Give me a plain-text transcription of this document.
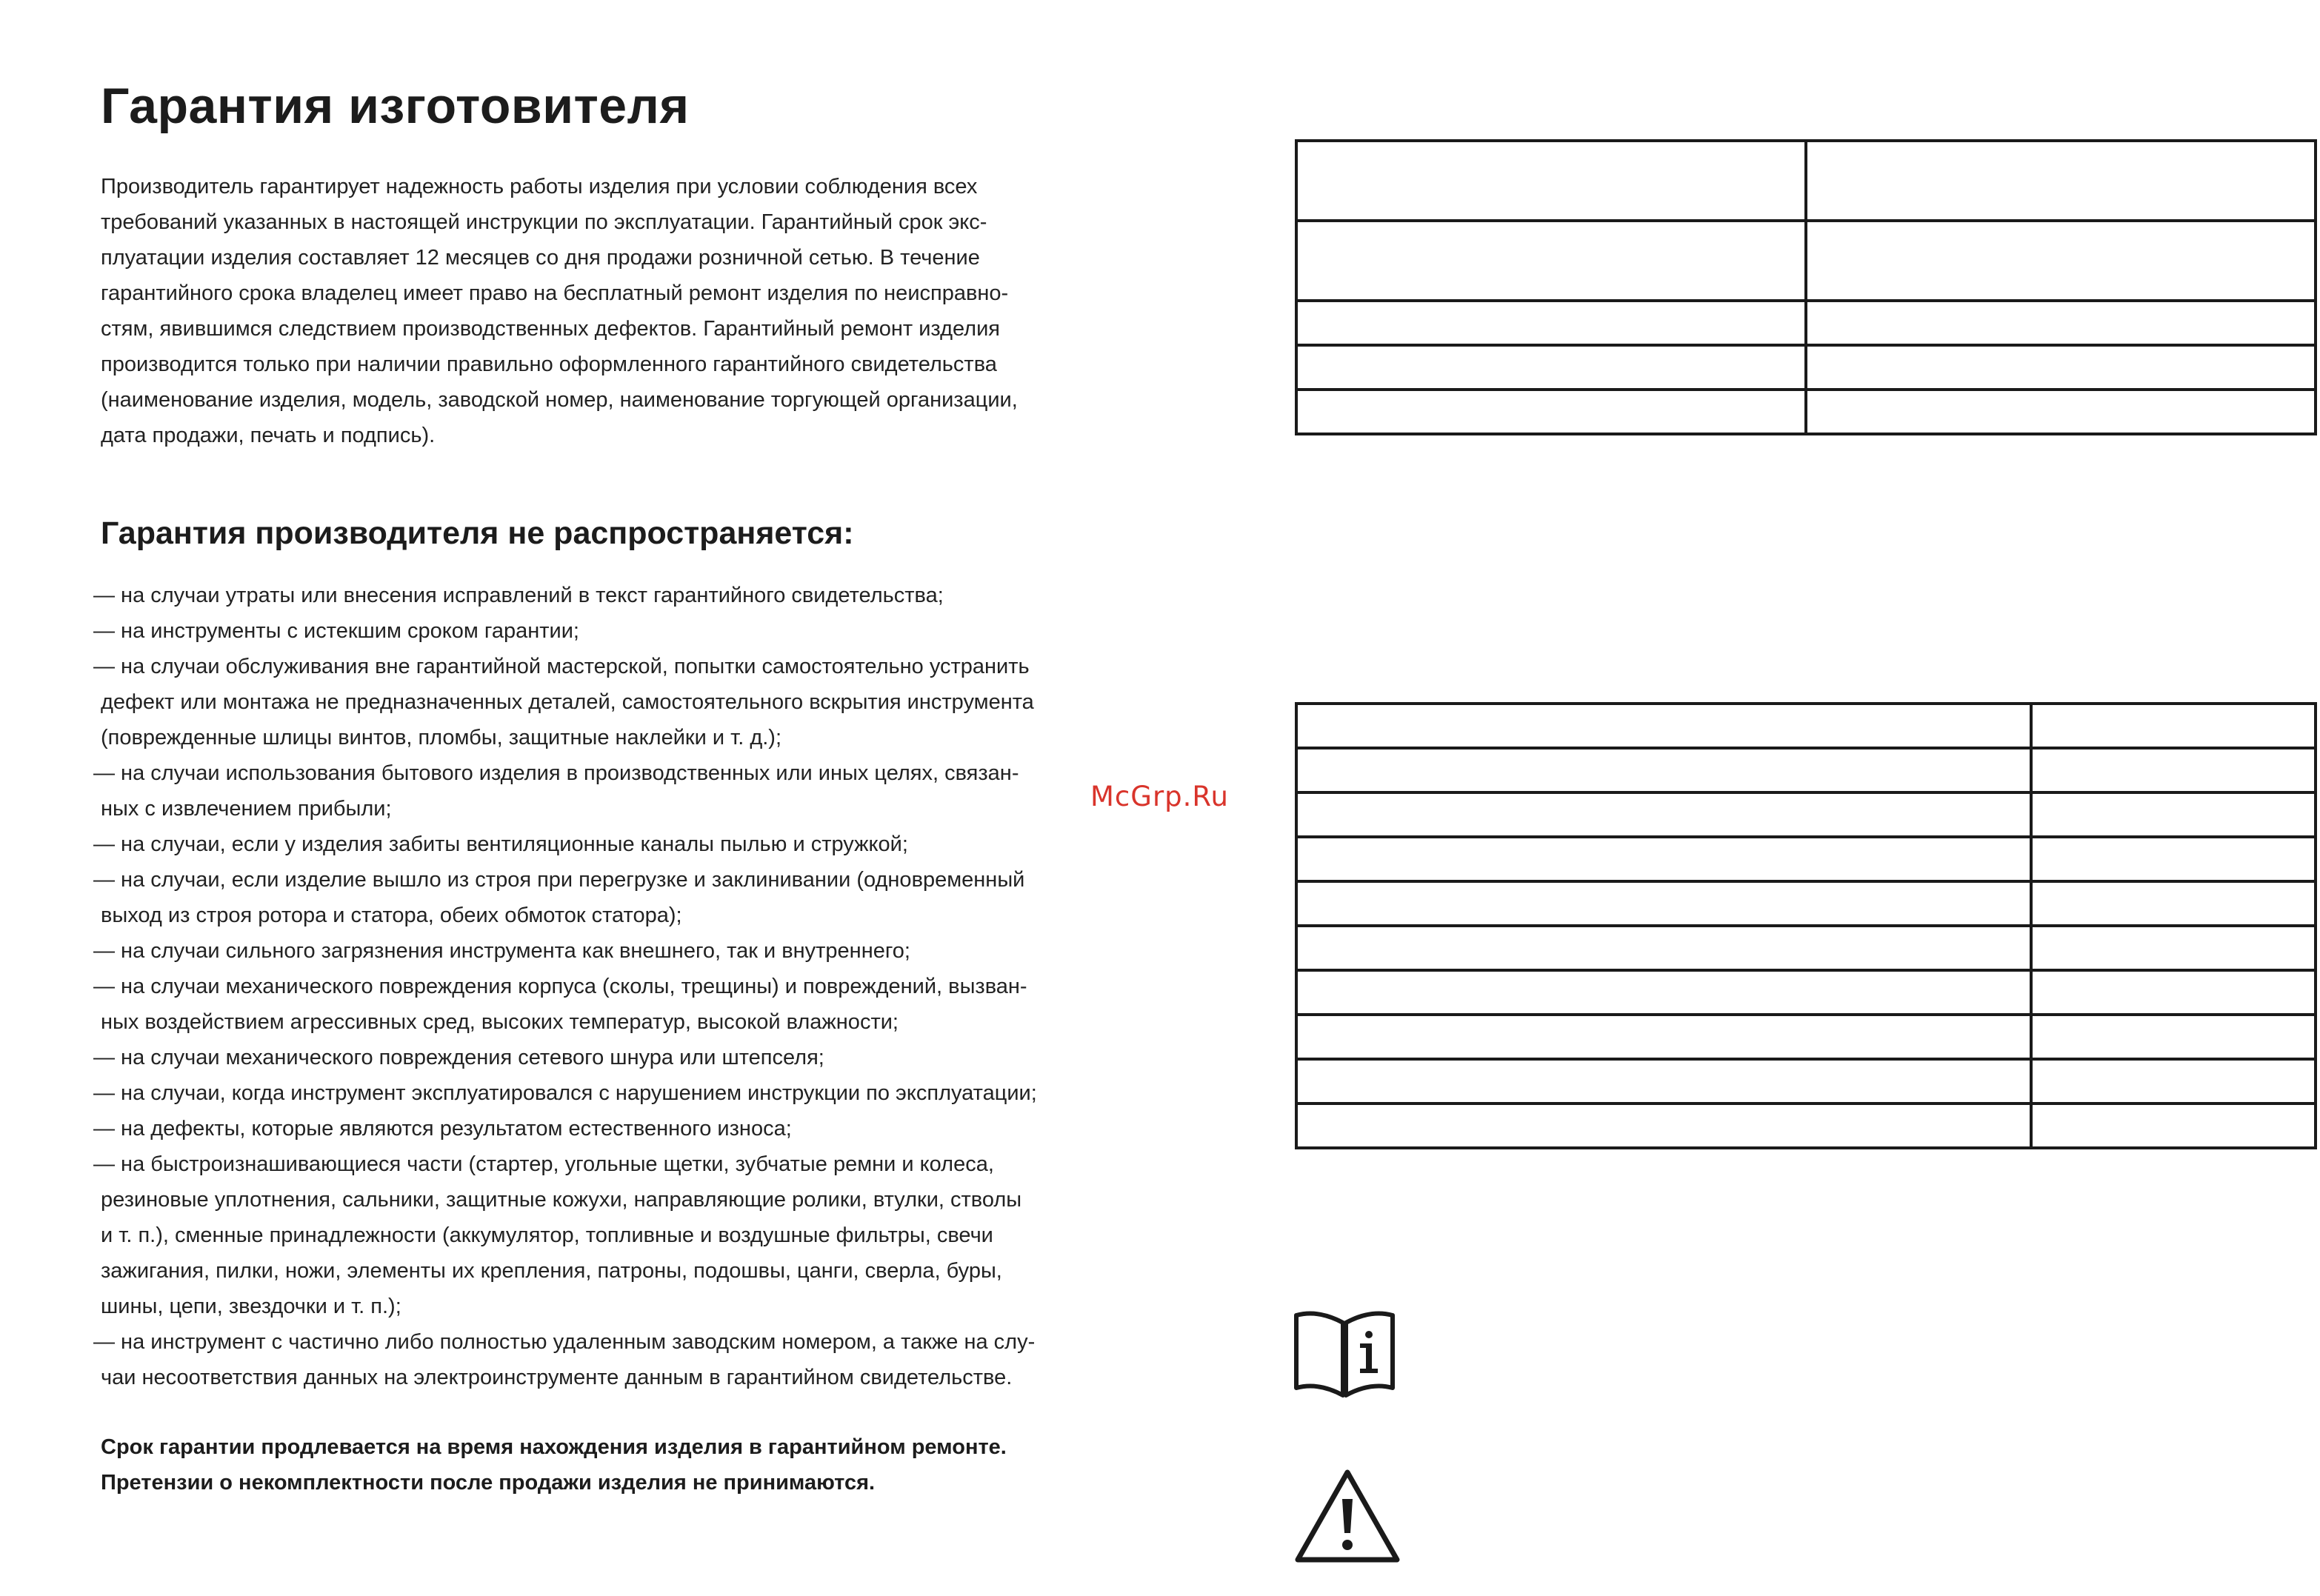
Гарантия изготовителя
Производитель гарантирует надежность работы изделия при условии соблюдения всех
требований указанных в настоящей инструкции по эксплуатации. Гарантийный срок экс-
плуатации изделия составляет 12 месяцев со дня продажи розничной сетью. В течение
гарантийного срока владелец имеет право на бесплатный ремонт изделия по неисправно-
стям, явившимся следствием производственных дефектов. Гарантийный ремонт изделия
производится только при наличии правильно оформленного гарантийного свидетельства
(наименование изделия, модель, заводской номер, наименование торгующей организации,
дата продажи, печать и подпись).
Гарантия производителя не распространяется:
— на случаи утраты или внесения исправлений в текст гарантийного свидетельства;
— на инструменты с истекшим сроком гарантии;
— на случаи обслуживания вне гарантийной мастерской, попытки самостоятельно устранить
дефект или монтажа не предназначенных деталей, самостоятельного вскрытия инструмента
(поврежденные шлицы винтов, пломбы, защитные наклейки и т. д.);
— на случаи использования бытового изделия в производственных или иных целях, связан-
ных с извлечением прибыли;
— на случаи, если у изделия забиты вентиляционные каналы пылью и стружкой;
— на случаи, если изделие вышло из строя при перегрузке и заклинивании (одновременный
выход из строя ротора и статора, обеих обмоток статора);
— на случаи сильного загрязнения инструмента как внешнего, так и внутреннего;
— на случаи механического повреждения корпуса (сколы, трещины) и повреждений, вызван-
ных воздействием агрессивных сред, высоких температур, высокой влажности;
— на случаи механического повреждения сетевого шнура или штепселя;
— на случаи, когда инструмент эксплуатировался с нарушением инструкции по эксплуатации;
— на дефекты, которые являются результатом естественного износа;
— на быстроизнашивающиеся части (стартер, угольные щетки, зубчатые ремни и колеса,
резиновые уплотнения, сальники, защитные кожухи, направляющие ролики, втулки, стволы
и т. п.), сменные принадлежности (аккумулятор, топливные и воздушные фильтры, свечи
зажигания, пилки, ножи, элементы их крепления, патроны, подошвы, цанги, сверла, буры,
шины, цепи, звездочки и т. п.);
— на инструмент с частично либо полностью удаленным заводским номером, а также на слу-
чаи несоответствия данных на электроинструменте данным в гарантийном свидетельстве.
Срок гарантии продлевается на время нахождения изделия в гарантийном ремонте.
Претензии о некомплектности после продажи изделия не принимаются.
McGrp.Ru
